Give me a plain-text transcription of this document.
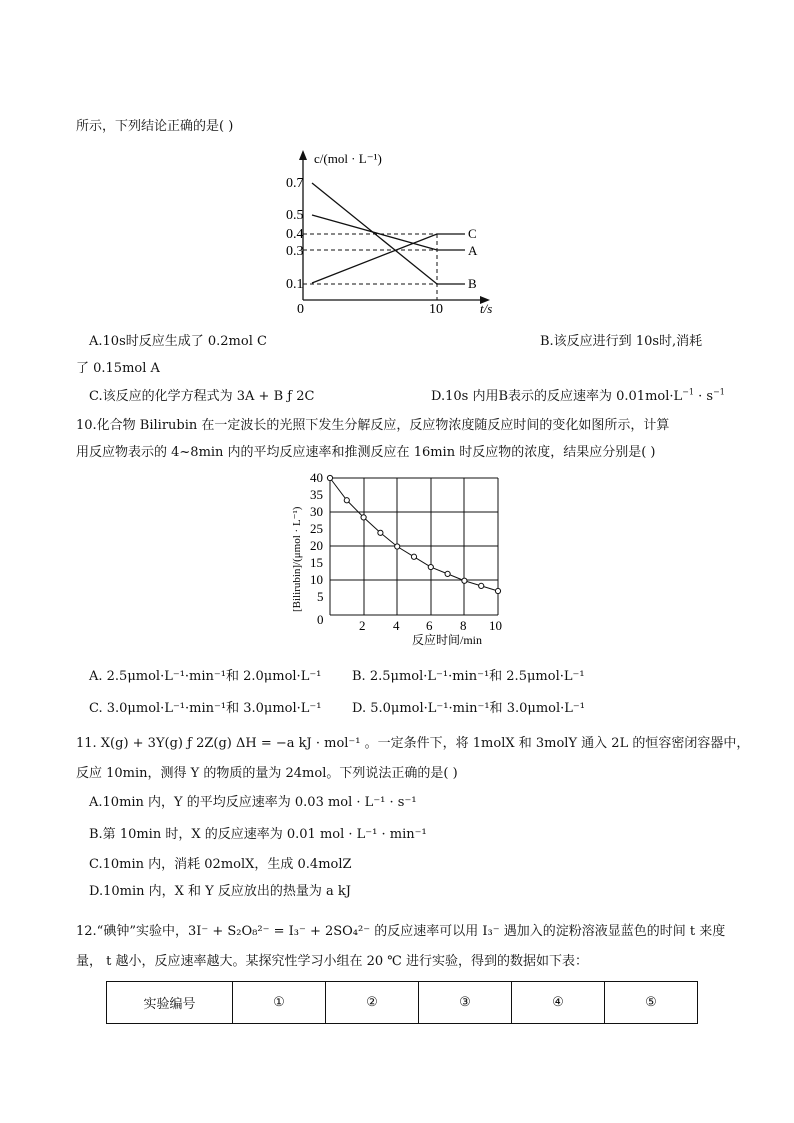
所示，下列结论正确的是( )
0.7
0.5
0.4
0.3
0.1
0	10
c/(mol · L⁻¹)
t/s
C
A
B
A.10s时反应生成了 0.2mol C	B.该反应进行到 10s时,消耗
了 0.15mol A
C.该反应的化学方程式为 3A + B ƒ 2C	D.10s 内用B表示的反应速率为 $0.01mol\cdot L^{-1} \cdot s^{-1}$
10.化合物 Bilirubin 在一定波长的光照下发生分解反应，反应物浓度随反应时间的变化如图所示，计算
用反应物表示的 4~8min 内的平均反应速率和推测反应在 16min 时反应物的浓度，结果应分别是( )
40
35
30
25
20
15
10
5
0	2 4 6 8 10
反应时间/min
[Bilirubin]/(μmol · L⁻¹)
A. 2.5μmol·L⁻¹·min⁻¹和 2.0μmol·L⁻¹ B. 2.5μmol·L⁻¹·min⁻¹和 2.5μmol·L⁻¹
C. 3.0μmol·L⁻¹·min⁻¹和 3.0μmol·L⁻¹ D. 5.0μmol·L⁻¹·min⁻¹和 3.0μmol·L⁻¹
11. X(g) + 3Y(g) ƒ 2Z(g) ΔH = −a kJ · mol⁻¹ 。一定条件下，将 1molX 和 3molY 通入 2L 的恒容密闭容器中，
反应 10min，测得 Y 的物质的量为 24mol。下列说法正确的是( )
A.10min 内，Y 的平均反应速率为 0.03 mol · L⁻¹ · s⁻¹
B.第 10min 时，X 的反应速率为 0.01 mol · L⁻¹ · min⁻¹
C.10min 内，消耗 02molX，生成 0.4molZ
D.10min 内，X 和 Y 反应放出的热量为 a kJ
12.“碘钟”实验中，3I⁻ + S₂O₈²⁻ = I₃⁻ + 2SO₄²⁻ 的反应速率可以用 I₃⁻ 遇加入的淀粉溶液显蓝色的时间 t 来度
量， t 越小，反应速率越大。某探究性学习小组在 20 ℃ 进行实验，得到的数据如下表：
实验编号	①	②	③	④	⑤
